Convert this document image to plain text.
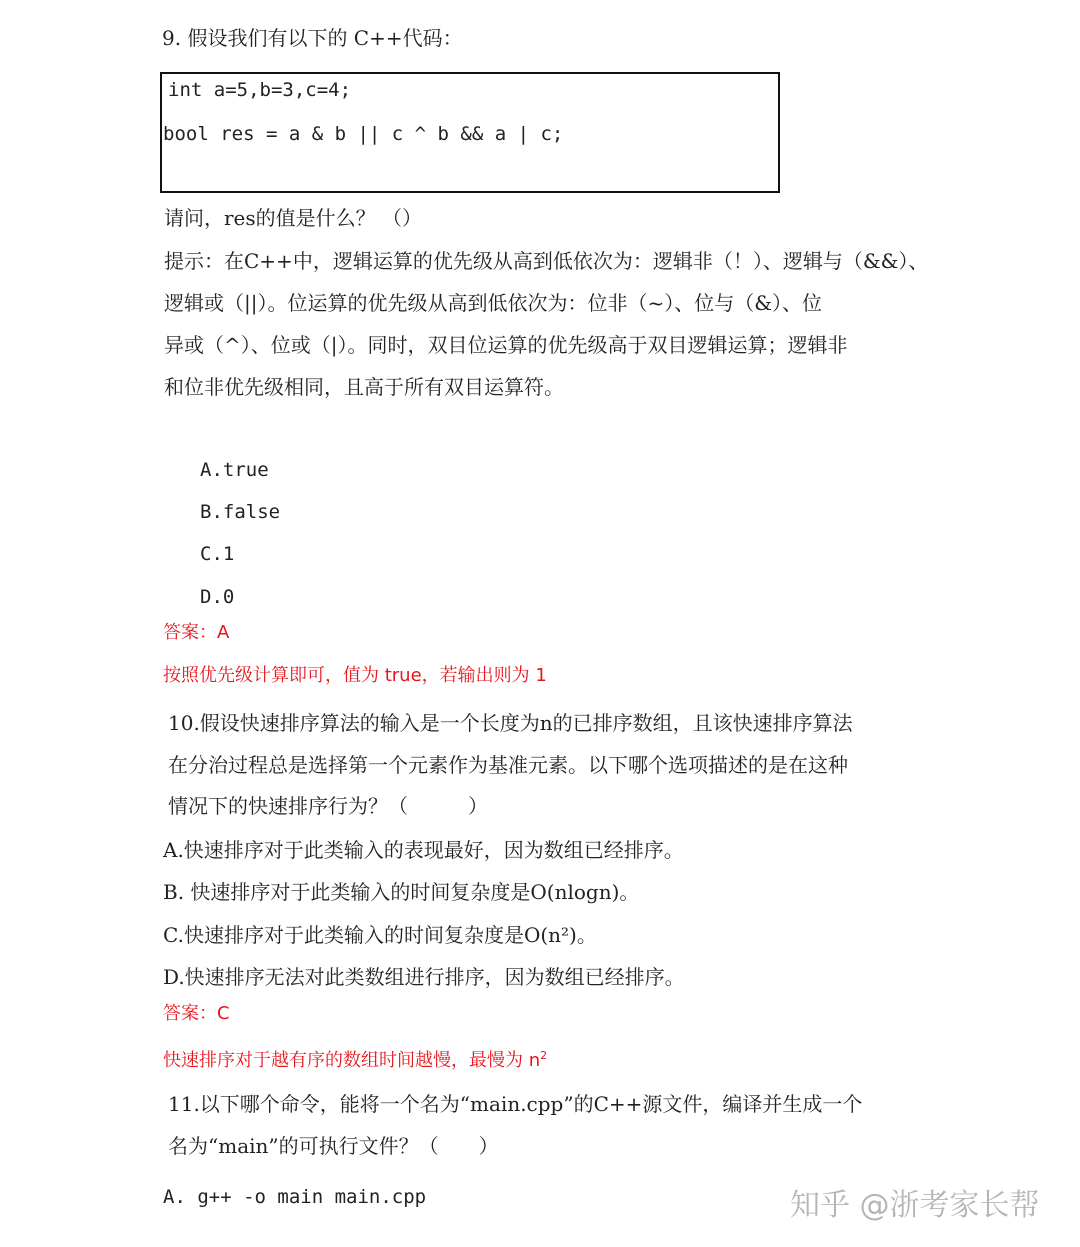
9. 假设我们有以下的 C++代码：
int a=5,b=3,c=4;
bool res = a & b || c ^ b && a | c;
请问，res的值是什么？ （）
提示：在C++中，逻辑运算的优先级从高到低依次为：逻辑非（！）、逻辑与（&&）、
逻辑或（||）。位运算的优先级从高到低依次为：位非（~）、位与（&）、位
异或（^）、位或（|）。同时，双目位运算的优先级高于双目逻辑运算；逻辑非
和位非优先级相同，且高于所有双目运算符。
A.true
B.false
C.1
D.0
答案：A
按照优先级计算即可，值为 true，若输出则为 1
10.假设快速排序算法的输入是一个长度为n的已排序数组，且该快速排序算法
在分治过程总是选择第一个元素作为基准元素。以下哪个选项描述的是在这种
情况下的快速排序行为？（　　　）
A.快速排序对于此类输入的表现最好，因为数组已经排序。
B. 快速排序对于此类输入的时间复杂度是O(nlogn)。
C.快速排序对于此类输入的时间复杂度是O(n²)。
D.快速排序无法对此类数组进行排序，因为数组已经排序。
答案：C
快速排序对于越有序的数组时间越慢，最慢为 $n^2$
11.以下哪个命令，能将一个名为“main.cpp”的C++源文件，编译并生成一个
名为“main”的可执行文件？（　　）
A. g++ -o main main.cpp	知乎 @浙考家长帮
